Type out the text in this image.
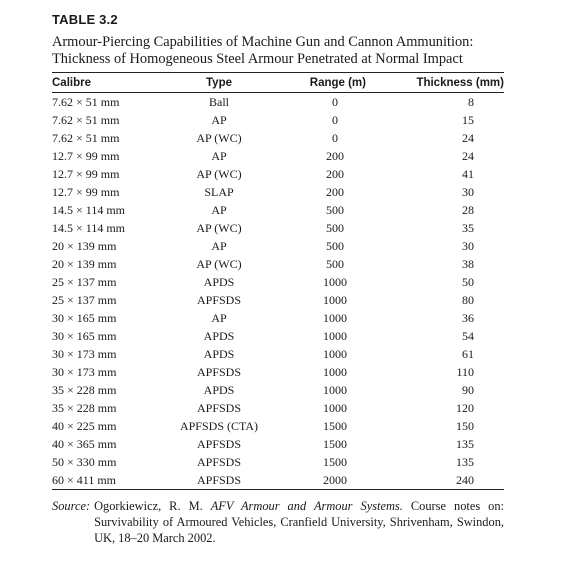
TABLE 3.2
Armour-Piercing Capabilities of Machine Gun and Cannon Ammunition:
Thickness of Homogeneous Steel Armour Penetrated at Normal Impact
Calibre	Type	Range (m)	Thickness (mm)
7.62 × 51 mm	Ball	0	8
7.62 × 51 mm	AP	0	15
7.62 × 51 mm	AP (WC)	0	24
12.7 × 99 mm	AP	200	24
12.7 × 99 mm	AP (WC)	200	41
12.7 × 99 mm	SLAP	200	30
14.5 × 114 mm	AP	500	28
14.5 × 114 mm	AP (WC)	500	35
20 × 139 mm	AP	500	30
20 × 139 mm	AP (WC)	500	38
25 × 137 mm	APDS	1000	50
25 × 137 mm	APFSDS	1000	80
30 × 165 mm	AP	1000	36
30 × 165 mm	APDS	1000	54
30 × 173 mm	APDS	1000	61
30 × 173 mm	APFSDS	1000	110
35 × 228 mm	APDS	1000	90
35 × 228 mm	APFSDS	1000	120
40 × 225 mm	APFSDS (CTA)	1500	150
40 × 365 mm	APFSDS	1500	135
50 × 330 mm	APFSDS	1500	135
60 × 411 mm	APFSDS	2000	240
Source: Ogorkiewicz, R. M. AFV Armour and Armour Systems. Course notes on: Survivability of Armoured Vehicles, Cranfield University, Shrivenham, Swindon, UK, 18–20 March 2002.
